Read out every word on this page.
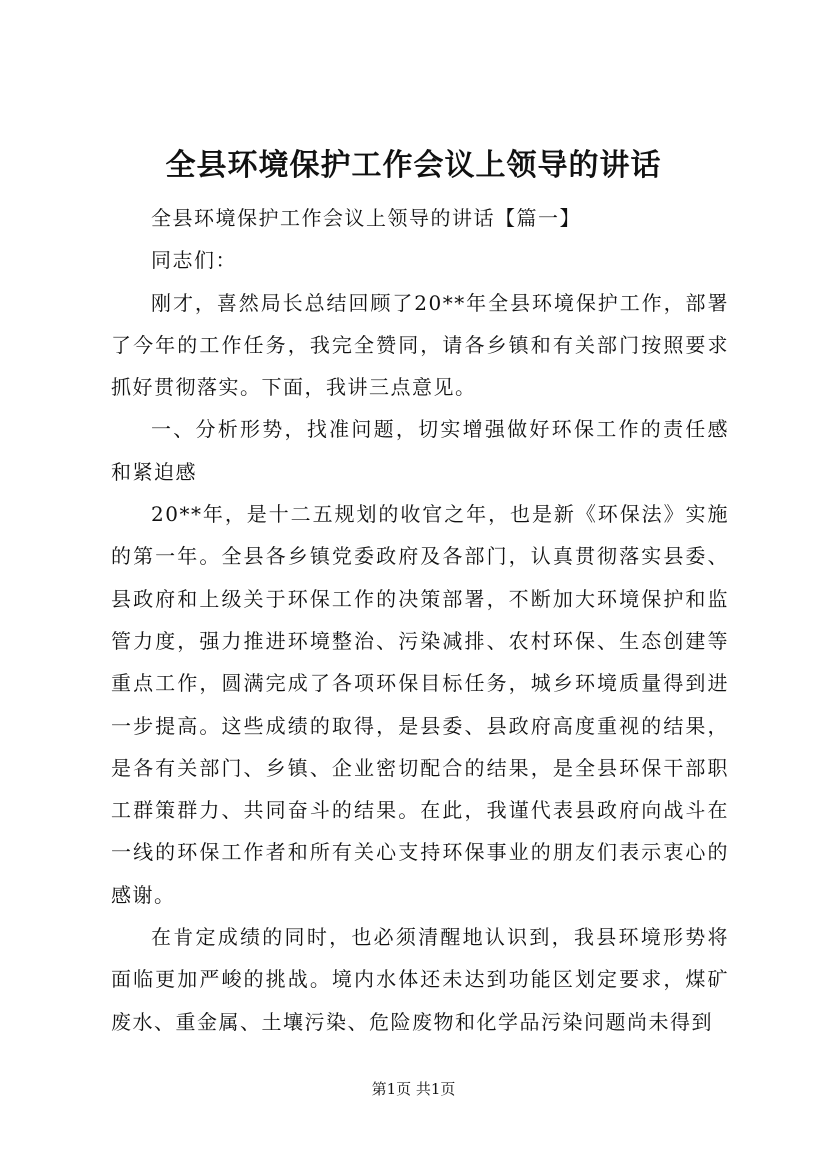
全县环境保护工作会议上领导的讲话

全县环境保护工作会议上领导的讲话【篇一】

同志们：

刚才，喜然局长总结回顾了20**年全县环境保护工作，部署了今年的工作任务，我完全赞同，请各乡镇和有关部门按照要求抓好贯彻落实。下面，我讲三点意见。

一、分析形势，找准问题，切实增强做好环保工作的责任感和紧迫感

20**年，是十二五规划的收官之年，也是新《环保法》实施的第一年。全县各乡镇党委政府及各部门，认真贯彻落实县委、县政府和上级关于环保工作的决策部署，不断加大环境保护和监管力度，强力推进环境整治、污染减排、农村环保、生态创建等重点工作，圆满完成了各项环保目标任务，城乡环境质量得到进一步提高。这些成绩的取得，是县委、县政府高度重视的结果，是各有关部门、乡镇、企业密切配合的结果，是全县环保干部职工群策群力、共同奋斗的结果。在此，我谨代表县政府向战斗在一线的环保工作者和所有关心支持环保事业的朋友们表示衷心的感谢。

在肯定成绩的同时，也必须清醒地认识到，我县环境形势将面临更加严峻的挑战。境内水体还未达到功能区划定要求，煤矿废水、重金属、土壤污染、危险废物和化学品污染问题尚未得到

第1页 共1页
